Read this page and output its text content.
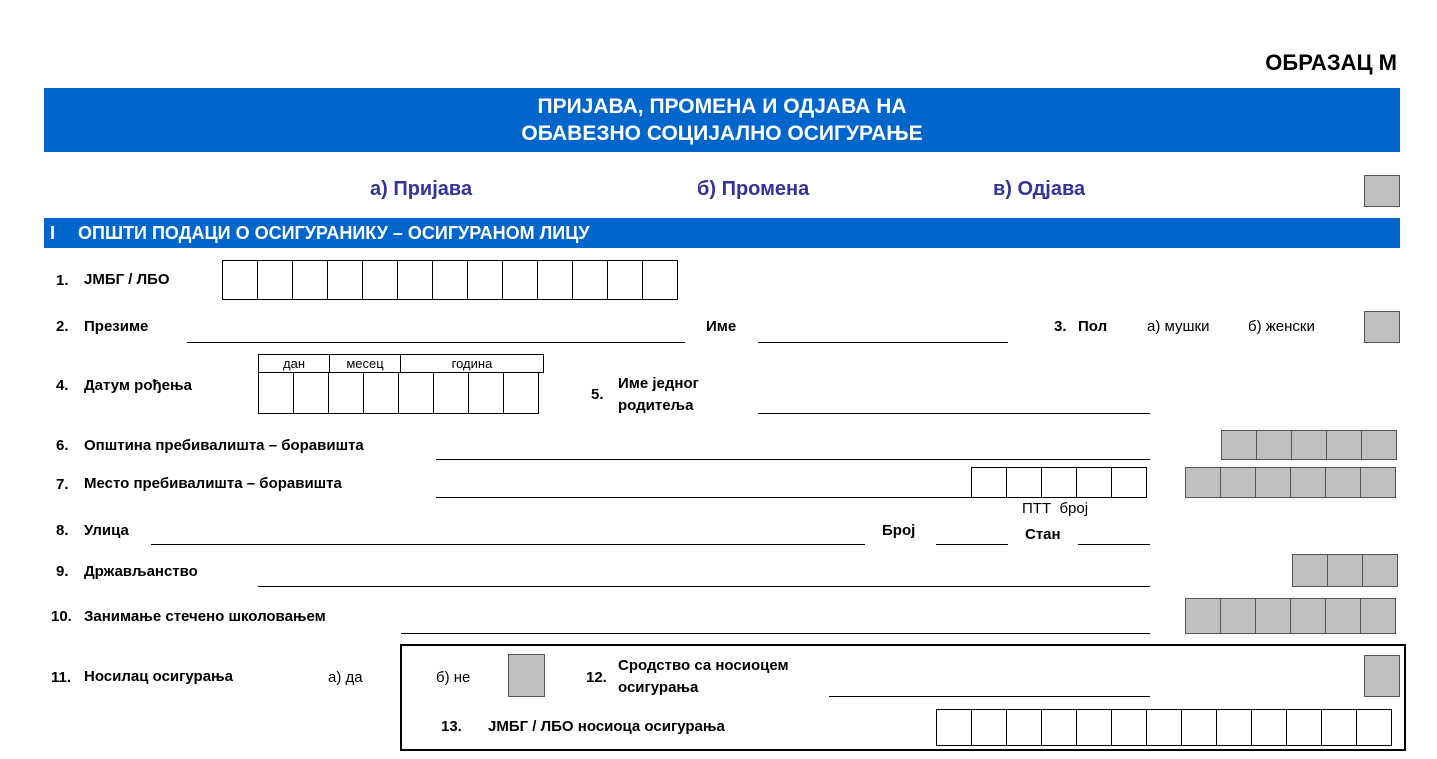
ОБРАЗАЦ М
ПРИЈАВА, ПРОМЕНА И ОДЈАВА НА
ОБАВЕЗНО СОЦИЈАЛНО ОСИГУРАЊЕ
а) Пријава	б) Промена	в) Одјава
I ОПШТИ ПОДАЦИ О ОСИГУРАНИКУ – ОСИГУРАНОМ ЛИЦУ
1. ЈМБГ / ЛБО
2. Презиме	Име	3. Пол	а) мушки	б) женски
4. Датум рођења
дан	месец	година
5.
Име једног
родитеља
6. Општина пребивалишта – боравишта
7. Место пребивалишта – боравишта
ПТТ  број
8. Улица	Број	Стан
9. Држављанство
10. Занимање стечено школовањем
11. Носилац осигурања	а) да	б) не	12.
Сродство са носиоцем
осигурања
13. ЈМБГ / ЛБО носиоца осигурања
